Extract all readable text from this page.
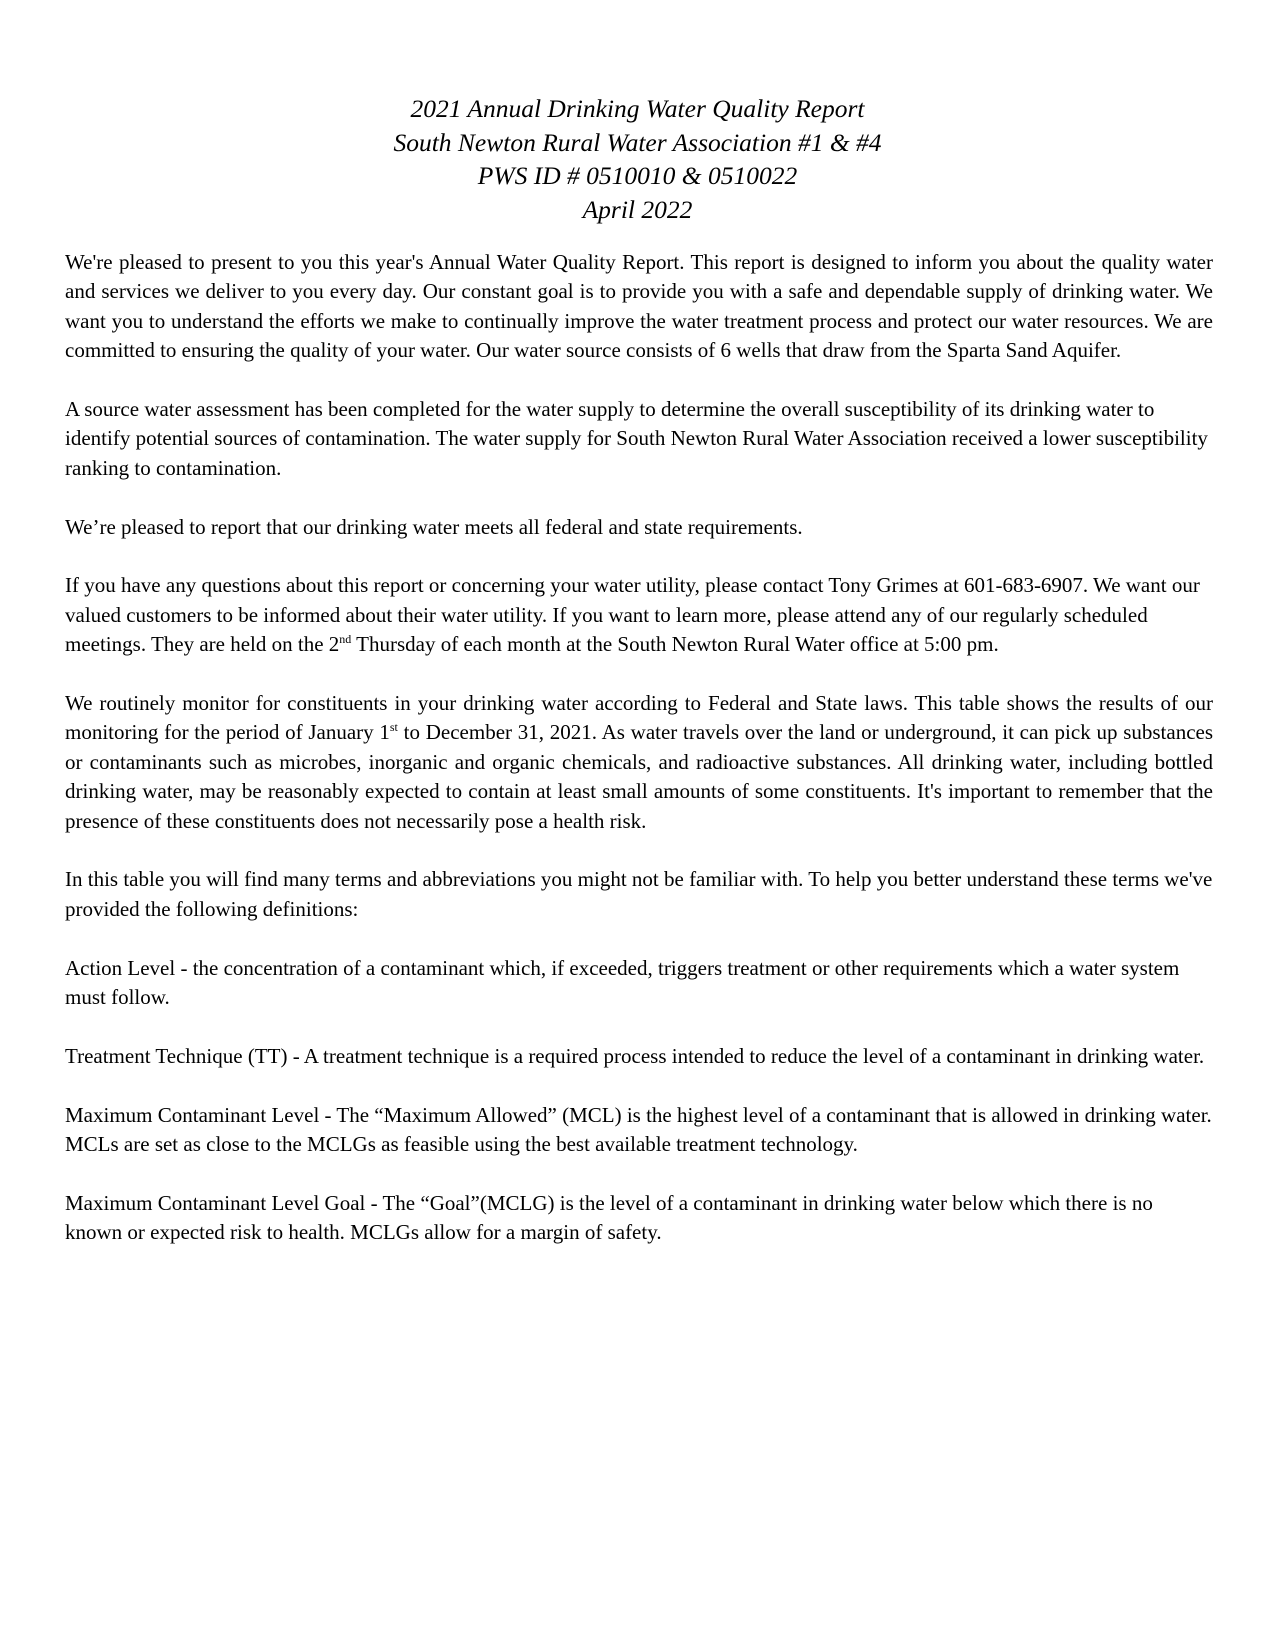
2021 Annual Drinking Water Quality Report
South Newton Rural Water Association #1 & #4
PWS ID # 0510010 & 0510022
April 2022

We're pleased to present to you this year's Annual Water Quality Report. This report is designed to inform you about the quality water and services we deliver to you every day. Our constant goal is to provide you with a safe and dependable supply of drinking water. We want you to understand the efforts we make to continually improve the water treatment process and protect our water resources. We are committed to ensuring the quality of your water. Our water source consists of 6 wells that draw from the Sparta Sand Aquifer.

A source water assessment has been completed for the water supply to determine the overall susceptibility of its drinking water to identify potential sources of contamination. The water supply for South Newton Rural Water Association received a lower susceptibility ranking to contamination.

We’re pleased to report that our drinking water meets all federal and state requirements.

If you have any questions about this report or concerning your water utility, please contact Tony Grimes at 601-683-6907. We want our valued customers to be informed about their water utility. If you want to learn more, please attend any of our regularly scheduled meetings. They are held on the 2nd Thursday of each month at the South Newton Rural Water office at 5:00 pm.

We routinely monitor for constituents in your drinking water according to Federal and State laws. This table shows the results of our monitoring for the period of January 1st to December 31, 2021. As water travels over the land or underground, it can pick up substances or contaminants such as microbes, inorganic and organic chemicals, and radioactive substances. All drinking water, including bottled drinking water, may be reasonably expected to contain at least small amounts of some constituents. It's important to remember that the presence of these constituents does not necessarily pose a health risk.

In this table you will find many terms and abbreviations you might not be familiar with. To help you better understand these terms we've provided the following definitions:

Action Level - the concentration of a contaminant which, if exceeded, triggers treatment or other requirements which a water system must follow.

Treatment Technique (TT) - A treatment technique is a required process intended to reduce the level of a contaminant in drinking water.

Maximum Contaminant Level - The “Maximum Allowed” (MCL) is the highest level of a contaminant that is allowed in drinking water. MCLs are set as close to the MCLGs as feasible using the best available treatment technology.

Maximum Contaminant Level Goal - The “Goal”(MCLG) is the level of a contaminant in drinking water below which there is no known or expected risk to health. MCLGs allow for a margin of safety.
